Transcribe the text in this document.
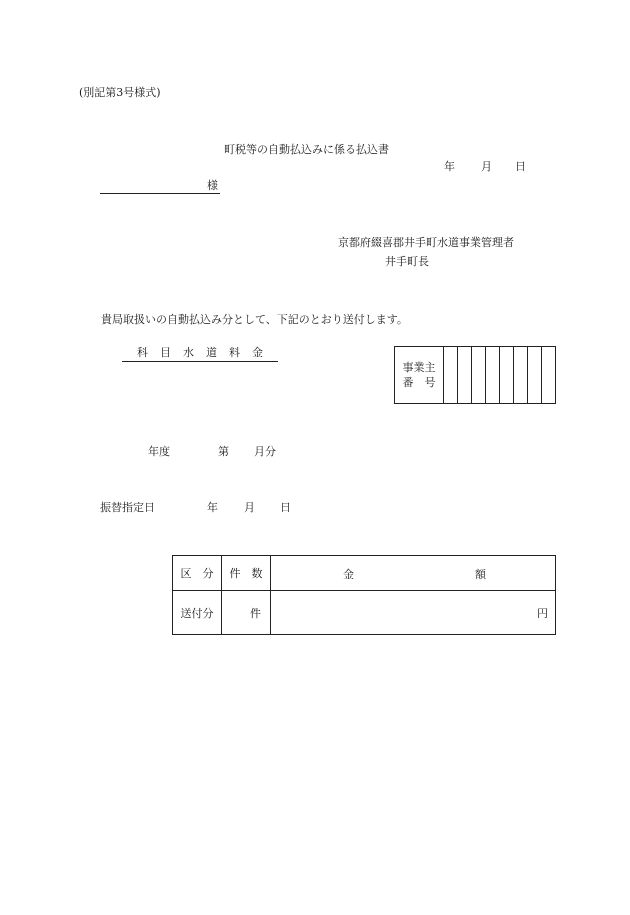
(別記第3号様式)
町税等の自動払込みに係る払込書
年 月 日
様
京都府綴喜郡井手町水道事業管理者
井手町長
貴局取扱いの自動払込み分として、下記のとおり送付します。
科 目 水 道 料 金
事業主
番　号

年度	第 月分
振替指定日	年 月 日
区　分	件　数	金 額

送付分	件	円
